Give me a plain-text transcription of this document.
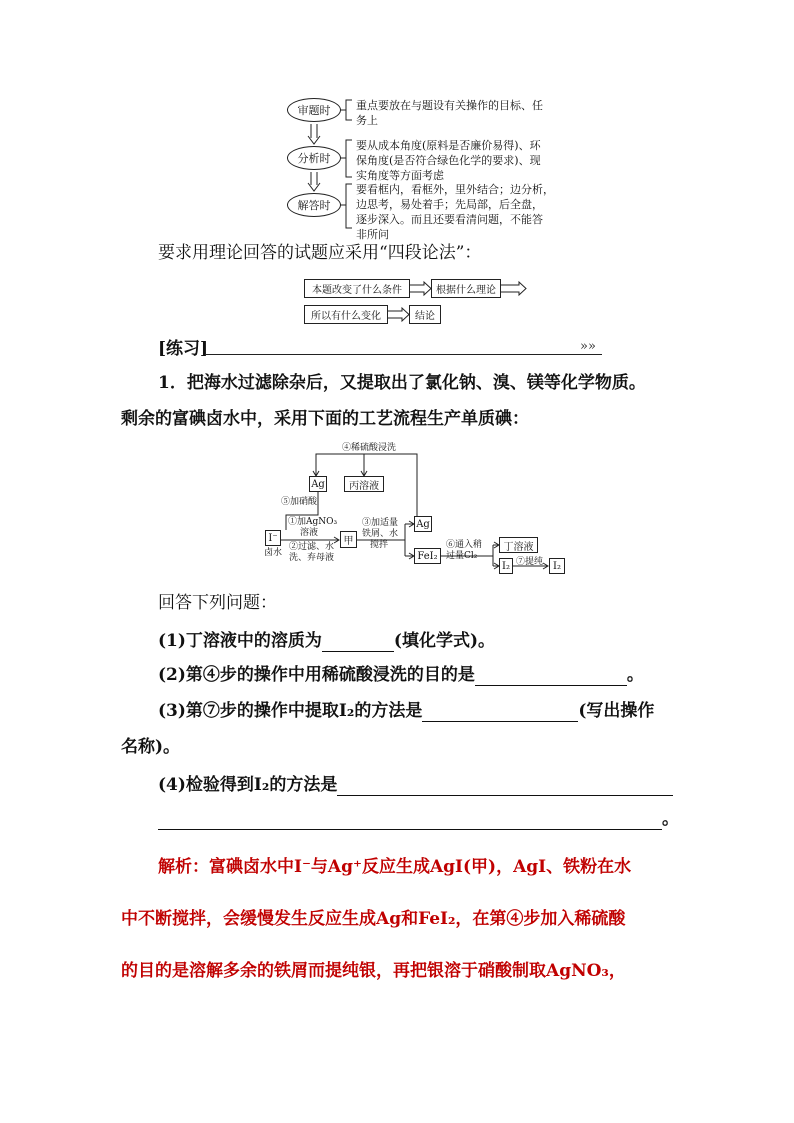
审题时
分析时
解答时
重点要放在与题设有关操作的目标、任
务上
要从成本角度(原料是否廉价易得)、环
保角度(是否符合绿色化学的要求)、现
实角度等方面考虑
要看框内，看框外，里外结合；边分析，
边思考，易处着手；先局部，后全盘，
逐步深入。而且还要看清问题，不能答
非所问
要求用理论回答的试题应采用“四段论法”：
本题改变了什么条件	根据什么理论
所以有什么变化	结论
[练习]	»»
1．把海水过滤除杂后，又提取出了氯化钠、溴、镁等化学物质。
剩余的富碘卤水中，采用下面的工艺流程生产单质碘：
④稀硫酸浸洗
Ag	丙溶液
⑤加硝酸
I⁻
卤水
①加AgNO₃
溶液
②过滤、水
洗、弃母液
甲
③加适量
铁屑、水
搅拌
Ag
FeI₂
⑥通入稍
过量Cl₂
丁溶液
I₂ ⑦提纯	I₂
回答下列问题：
(1)丁溶液中的溶质为	(填化学式)。
(2)第④步的操作中用稀硫酸浸洗的目的是	。
(3)第⑦步的操作中提取I₂的方法是	(写出操作
名称)。
(4)检验得到I₂的方法是
。
解析：富碘卤水中I⁻与Ag⁺反应生成AgI(甲)，AgI、铁粉在水
中不断搅拌，会缓慢发生反应生成Ag和FeI₂，在第④步加入稀硫酸
的目的是溶解多余的铁屑而提纯银，再把银溶于硝酸制取AgNO₃，
